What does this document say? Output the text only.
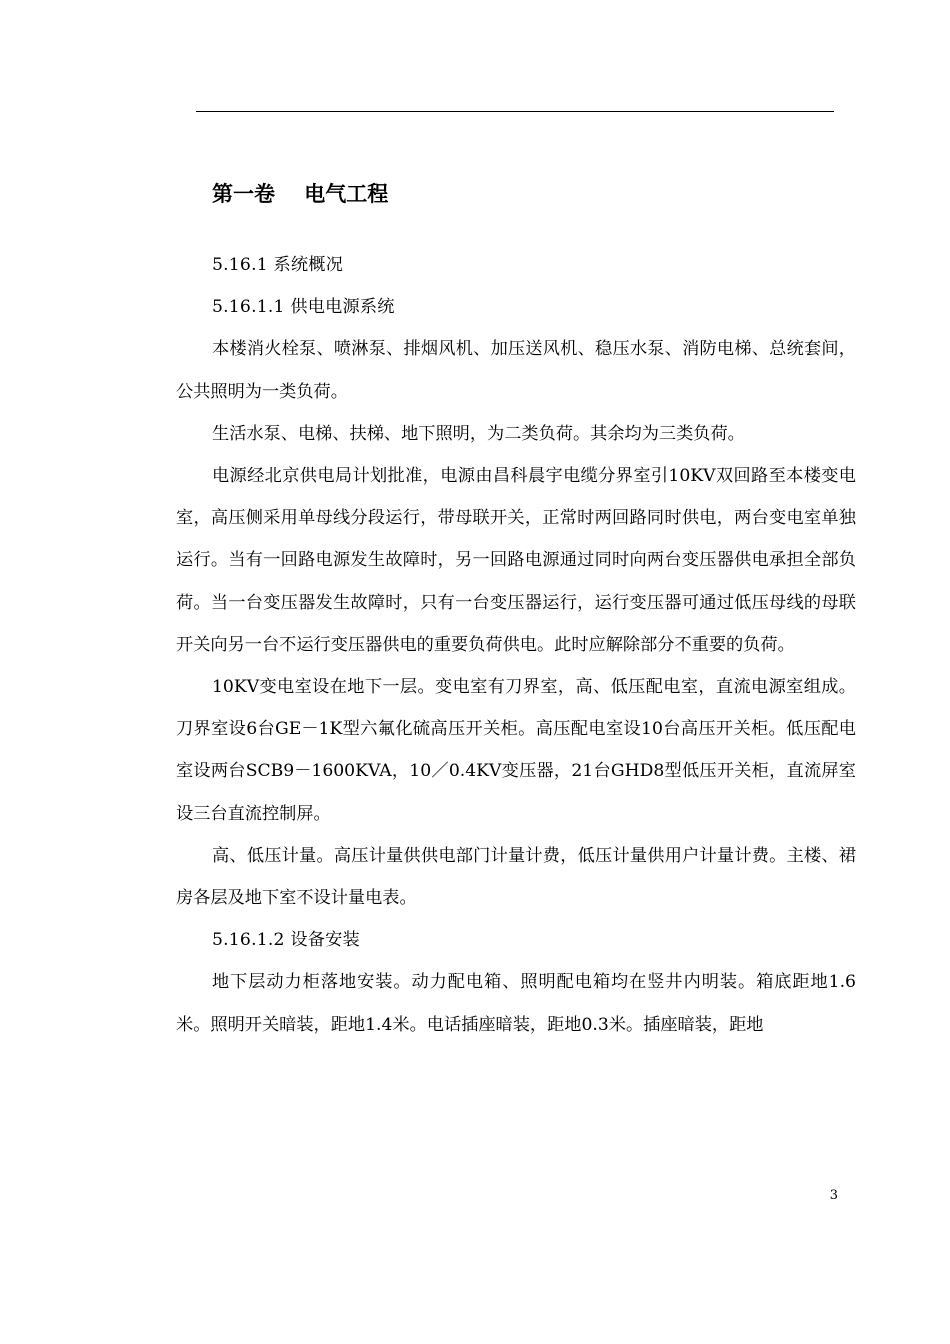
第一卷    电气工程

5.16.1 系统概况

5.16.1.1 供电电源系统

本楼消火栓泵、喷淋泵、排烟风机、加压送风机、稳压水泵、消防电梯、总统套间，公共照明为一类负荷。

生活水泵、电梯、扶梯、地下照明，为二类负荷。其余均为三类负荷。

电源经北京供电局计划批准，电源由昌科晨宇电缆分界室引10KV双回路至本楼变电室，高压侧采用单母线分段运行，带母联开关，正常时两回路同时供电，两台变电室单独运行。当有一回路电源发生故障时，另一回路电源通过同时向两台变压器供电承担全部负荷。当一台变压器发生故障时，只有一台变压器运行，运行变压器可通过低压母线的母联开关向另一台不运行变压器供电的重要负荷供电。此时应解除部分不重要的负荷。

10KV变电室设在地下一层。变电室有刀界室，高、低压配电室，直流电源室组成。刀界室设6台GE－1K型六氟化硫高压开关柜。高压配电室设10台高压开关柜。低压配电室设两台SCB9－1600KVA，10／0.4KV变压器，21台GHD8型低压开关柜，直流屏室设三台直流控制屏。

高、低压计量。高压计量供供电部门计量计费，低压计量供用户计量计费。主楼、裙房各层及地下室不设计量电表。

5.16.1.2 设备安装

地下层动力柜落地安装。动力配电箱、照明配电箱均在竖井内明装。箱底距地1.6米。照明开关暗装，距地1.4米。电话插座暗装，距地0.3米。插座暗装，距地

3
